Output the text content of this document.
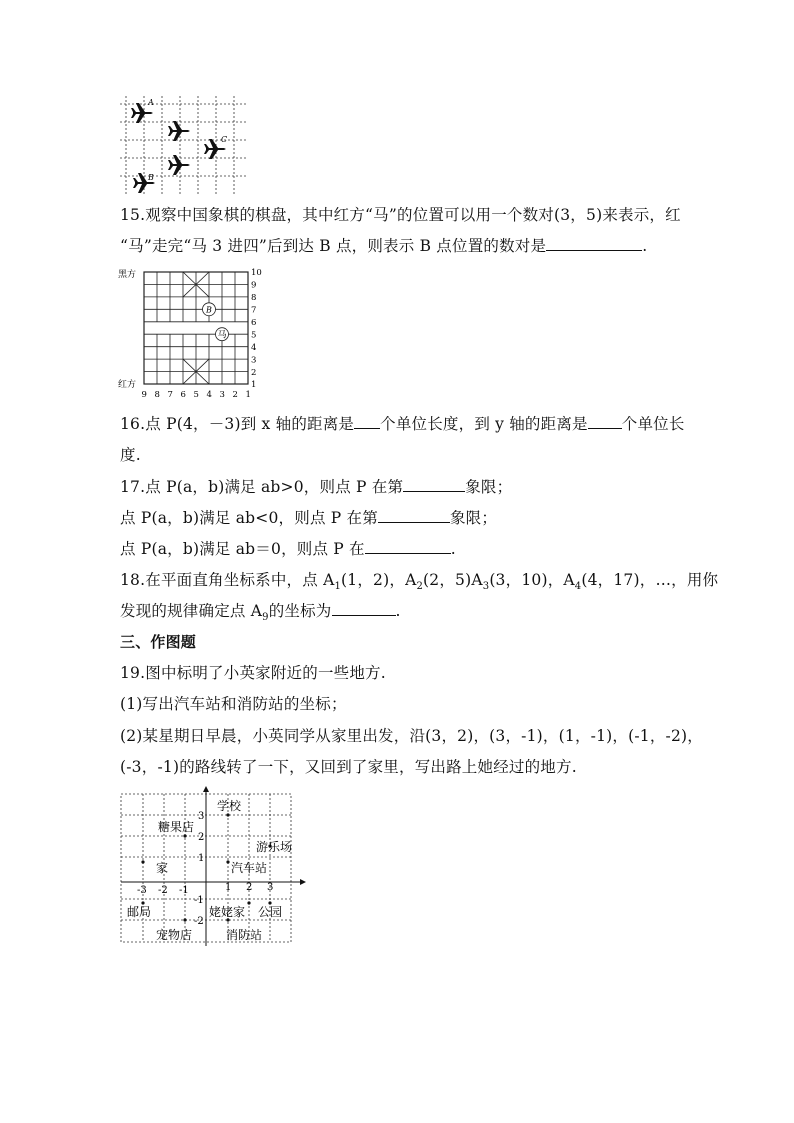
A
B
C
15.观察中国象棋的棋盘，其中红方“马”的位置可以用一个数对(3，5)来表示，红
“马”走完“马 3 进四”后到达 B 点，则表示 B 点位置的数对是	.
黑方
红方
B
马
10
9
8
7
6
5
4
3
2
1
9 8 7 6 5 4 3 2 1
16.点 P(4，－3)到 x 轴的距离是 个单位长度，到 y 轴的距离是 个单位长
度.
17.点 P(a，b)满足 ab>0，则点 P 在第	象限；
点 P(a，b)满足 ab<0，则点 P 在第	象限；
点 P(a，b)满足 ab＝0，则点 P 在	.
18.在平面直角坐标系中，点 $A_1(1$，2)，$A_2(2$，$5)A_3(3$，10)，$A_4(4$，17)，…，用你
发现的规律确定点 $A_9$的坐标为	.
三、作图题
19.图中标明了小英家附近的一些地方.
(1)写出汽车站和消防站的坐标；
(2)某星期日早晨，小英同学从家里出发，沿(3，2)，(3，-1)，(1，-1)，(-1，-2)，
(-3，-1)的路线转了一下，又回到了家里，写出路上她经过的地方.
学校
糖果店
游乐场
家	汽车站
邮局	姥姥家 公园
宠物店	消防站
-3 -2 -1	1 2 3
3
2
1
-1
-2
